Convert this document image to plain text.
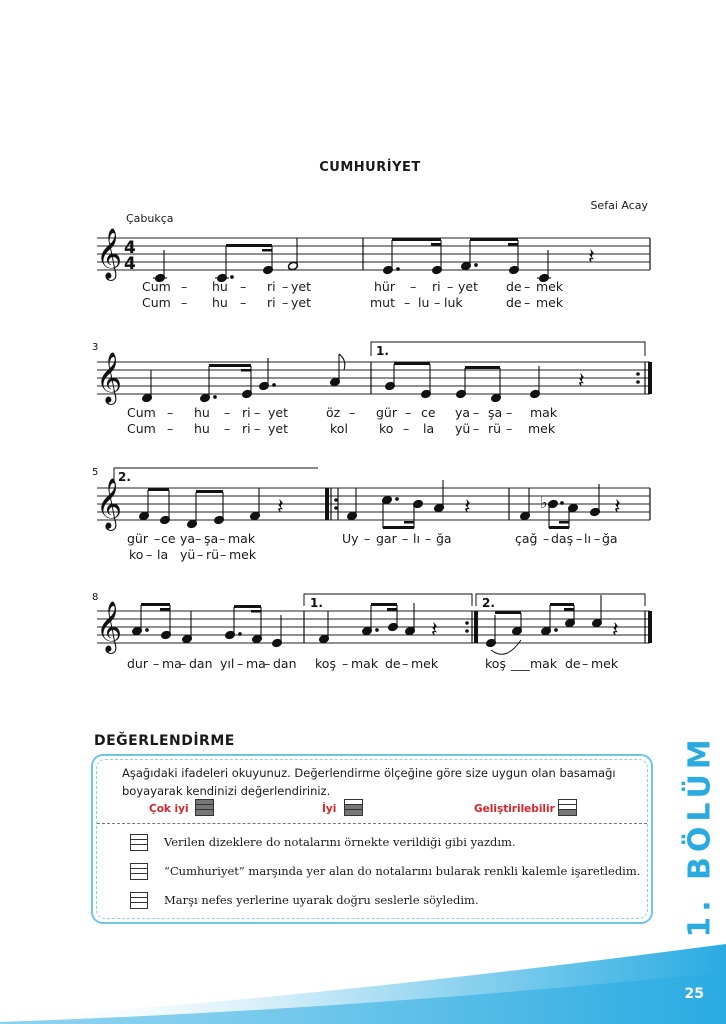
CUMHURİYET
Sefai Acay
Çabukça
𝄞
𝄞
𝄞
𝄞
4
4
3
5
8
1.
2.
1.	2.
𝄽
𝄽
♭
𝄽	𝄽	𝄽
𝄽	𝄽
Cum – hu – ri – yet	hür – ri – yet de – mek
Cum – hu – ri – yet	mut – lu – luk	de – mek
Cum – hu – ri – yet	öz – gür – ce ya – şa – mak
Cum – hu – ri – yet	kol ko – la yü – rü – mek
gür – ce ya – şa – mak	Uy – gar – lı – ğa	çağ – daş – lı – ğa
ko – la yü – rü – mek
dur – ma
– dan yıl – ma
– dan koş – mak de – mek	koş ___ mak de – mek
DEĞERLENDİRME
Aşağıdaki ifadeleri okuyunuz. Değerlendirme ölçeğine göre size uygun olan basamağı boyayarak kendinizi değerlendiriniz.
Çok iyi	İyi	Geliştirilebilir
Verilen dizeklere do notalarını örnekte verildiği gibi yazdım.
“Cumhuriyet” marşında yer alan do notalarını bularak renkli kalemle işaretledim.
Marşı nefes yerlerine uyarak doğru seslerle söyledim.	1. BÖLÜM
25
